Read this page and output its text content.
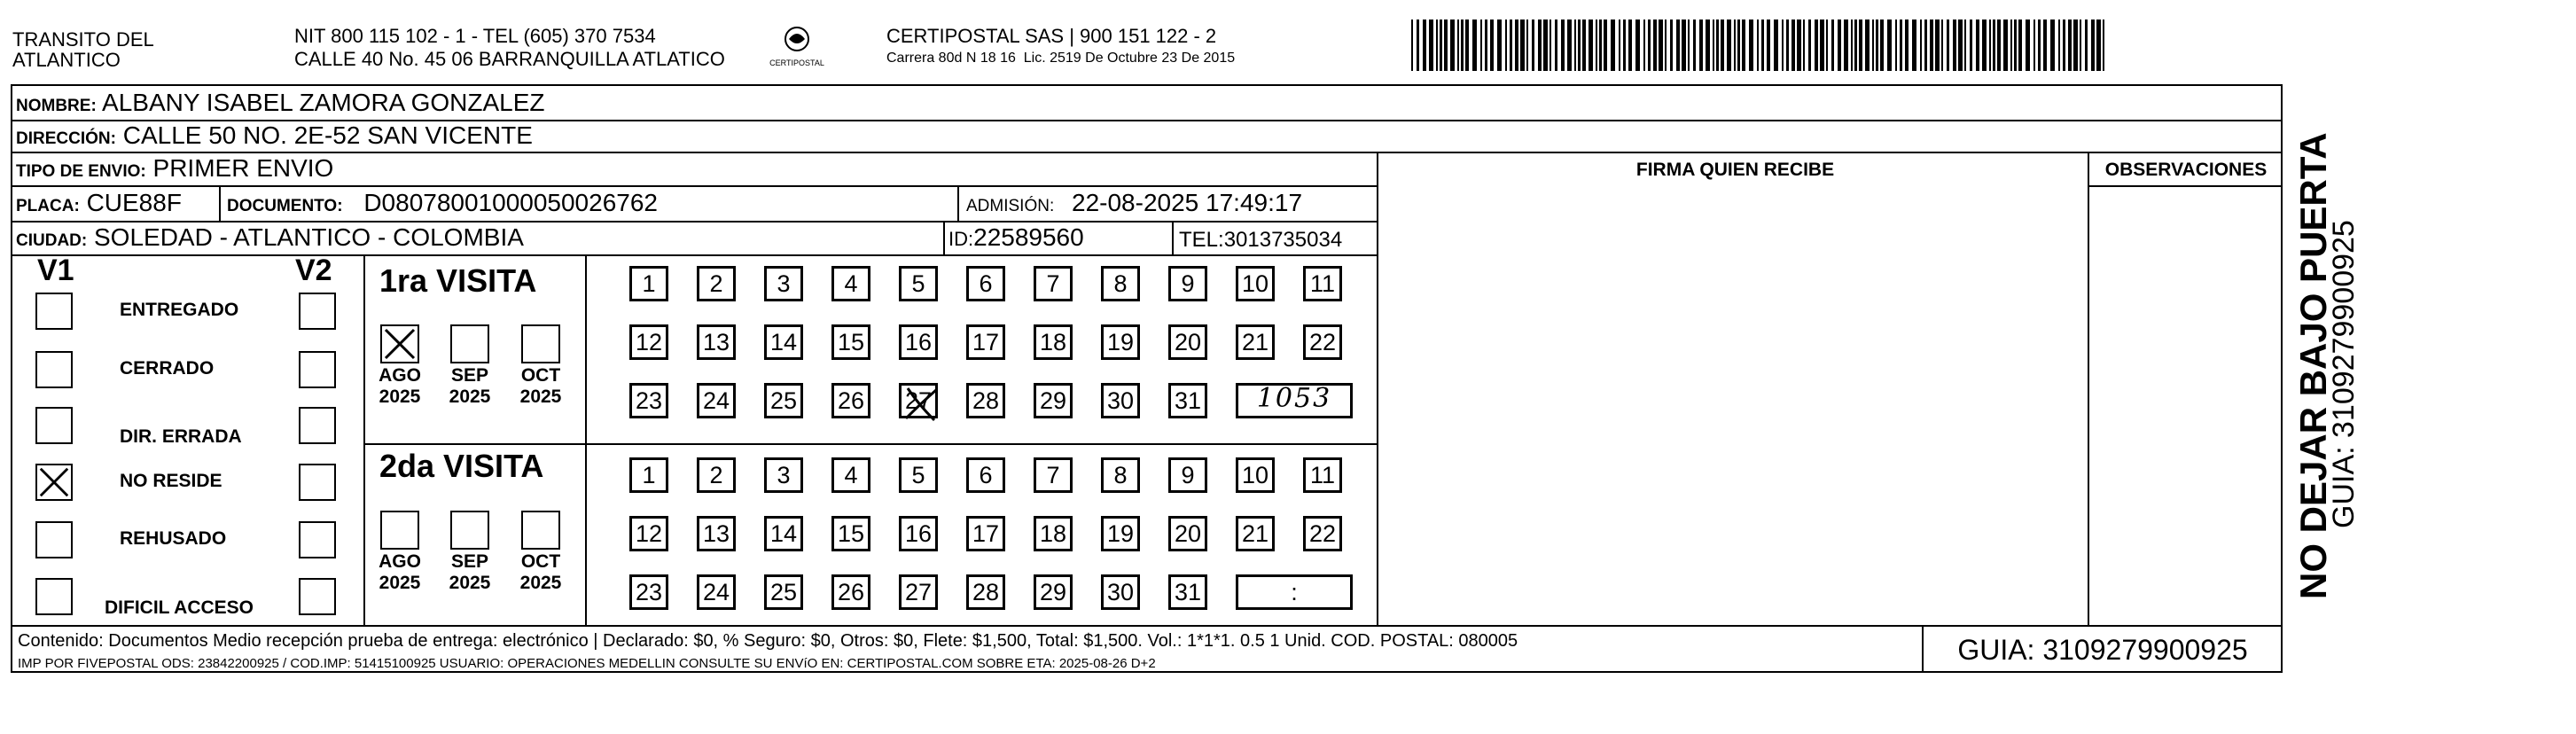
TRANSITO DEL
ATLANTICO
NIT 800 115 102 - 1 - TEL (605) 370 7534
CALLE 40 No. 45 06 BARRANQUILLA ATLATICO	CERTIPOSTAL
CERTIPOSTAL SAS | 900 151 122 - 2
Carrera 80d N 18 16  Lic. 2519 De Octubre 23 De 2015
NOMBRE: ALBANY ISABEL ZAMORA GONZALEZ
DIRECCIÓN: CALLE 50 NO. 2E-52 SAN VICENTE
TIPO DE ENVIO: PRIMER ENVIO	FIRMA QUIEN RECIBE	OBSERVACIONES
PLACA: CUE88F	DOCUMENTO: D08078001000050026762	ADMISIÓN: 22-08-2025 17:49:17
CIUDAD: SOLEDAD - ATLANTICO - COLOMBIA	ID:22589560	TEL:3013735034
V1	V2
ENTREGADO
CERRADO
DIR. ERRADA
NO RESIDE
REHUSADO
DIFICIL ACCESO
1ra VISITA
AGO
2025
SEP
2025
OCT
2025
1	2	3	4	5	6	7	8	9	10 11
12 13 14 15 16 17 18 19 20 21 22
23 24 25 26 27 28 29 30 31	1053
2da VISITA
AGO
2025
SEP
2025
OCT
2025
1	2	3	4	5	6	7	8	9	10 11
12 13 14 15 16 17 18 19 20 21 22
23 24 25 26 27 28 29 30 31	:
Contenido: Documentos Medio recepción prueba de entrega: electrónico | Declarado: $0, % Seguro: $0, Otros: $0, Flete: $1,500, Total: $1,500. Vol.: 1*1*1. 0.5 1 Unid. COD. POSTAL: 080005
IMP POR FIVEPOSTAL ODS: 23842200925 / COD.IMP: 51415100925 USUARIO: OPERACIONES MEDELLIN CONSULTE SU ENVíO EN: CERTIPOSTAL.COM SOBRE ETA: 2025-08-26 D+2	GUIA: 3109279900925
NO DEJAR BAJO PUERTA
GUIA: 3109279900925
